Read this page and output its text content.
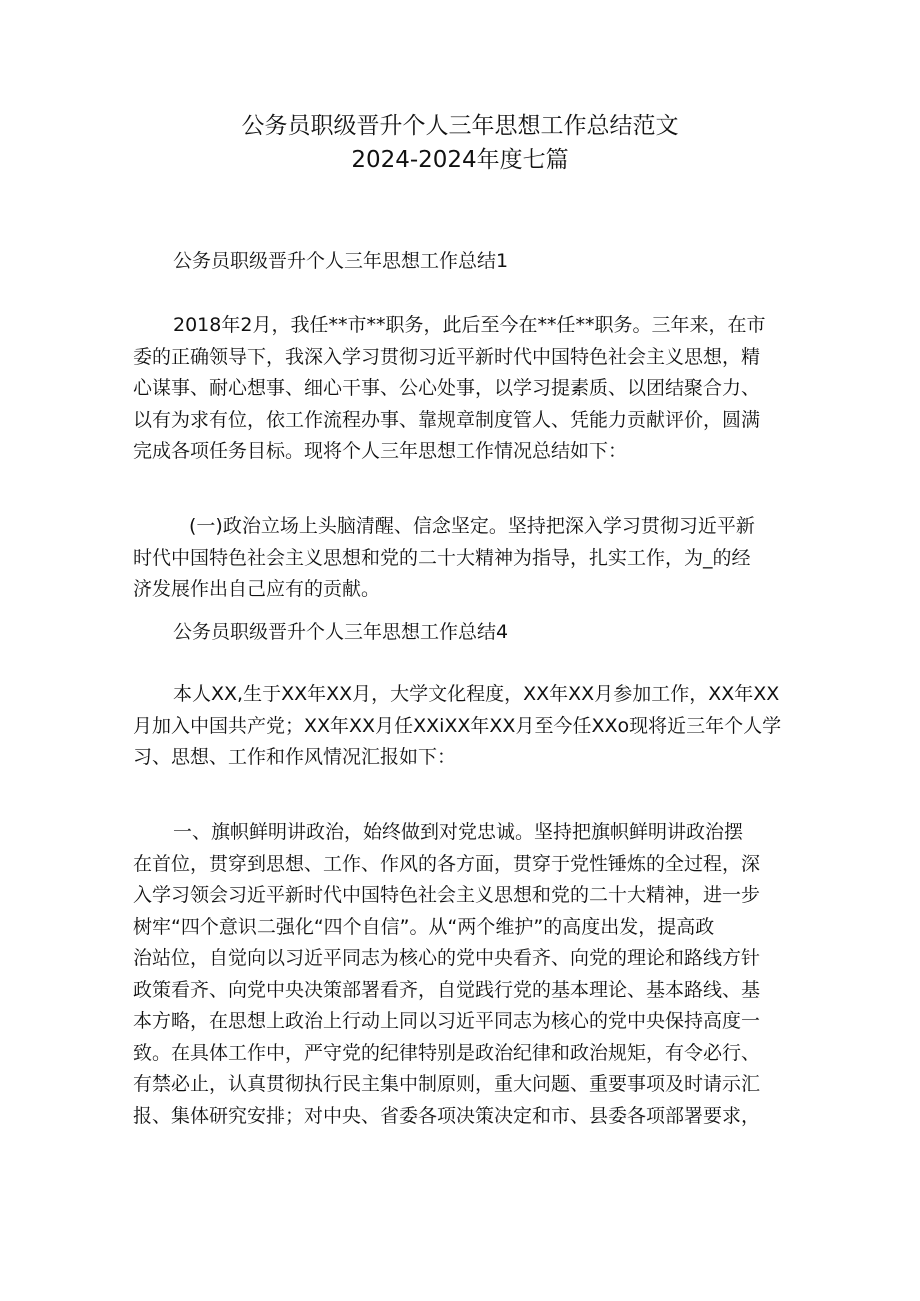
公务员职级晋升个人三年思想工作总结范文
2024-2024年度七篇

公务员职级晋升个人三年思想工作总结1

2018年2月，我任**市**职务，此后至今在**任**职务。三年来，在市
委的正确领导下，我深入学习贯彻习近平新时代中国特色社会主义思想，精
心谋事、耐心想事、细心干事、公心处事，以学习提素质、以团结聚合力、
以有为求有位，依工作流程办事、靠规章制度管人、凭能力贡献评价，圆满
完成各项任务目标。现将个人三年思想工作情况总结如下：
(一)政治立场上头脑清醒、信念坚定。坚持把深入学习贯彻习近平新
时代中国特色社会主义思想和党的二十大精神为指导，扎实工作，为_的经
济发展作出自己应有的贡献。

公务员职级晋升个人三年思想工作总结4

本人XX,生于XX年XX月，大学文化程度，XX年XX月参加工作，XX年XX
月加入中国共产党；XX年XX月任XXiXX年XX月至今任XXo现将近三年个人学
习、思想、工作和作风情况汇报如下：
一、旗帜鲜明讲政治，始终做到对党忠诚。坚持把旗帜鲜明讲政治摆
在首位，贯穿到思想、工作、作风的各方面，贯穿于党性锤炼的全过程，深
入学习领会习近平新时代中国特色社会主义思想和党的二十大精神，进一步
树牢“四个意识二强化“四个自信”。从“两个维护”的高度出发，提高政
治站位，自觉向以习近平同志为核心的党中央看齐、向党的理论和路线方针
政策看齐、向党中央决策部署看齐，自觉践行党的基本理论、基本路线、基
本方略，在思想上政治上行动上同以习近平同志为核心的党中央保持高度一
致。在具体工作中，严守党的纪律特别是政治纪律和政治规矩，有令必行、
有禁必止，认真贯彻执行民主集中制原则，重大问题、重要事项及时请示汇
报、集体研究安排；对中央、省委各项决策决定和市、县委各项部署要求，
